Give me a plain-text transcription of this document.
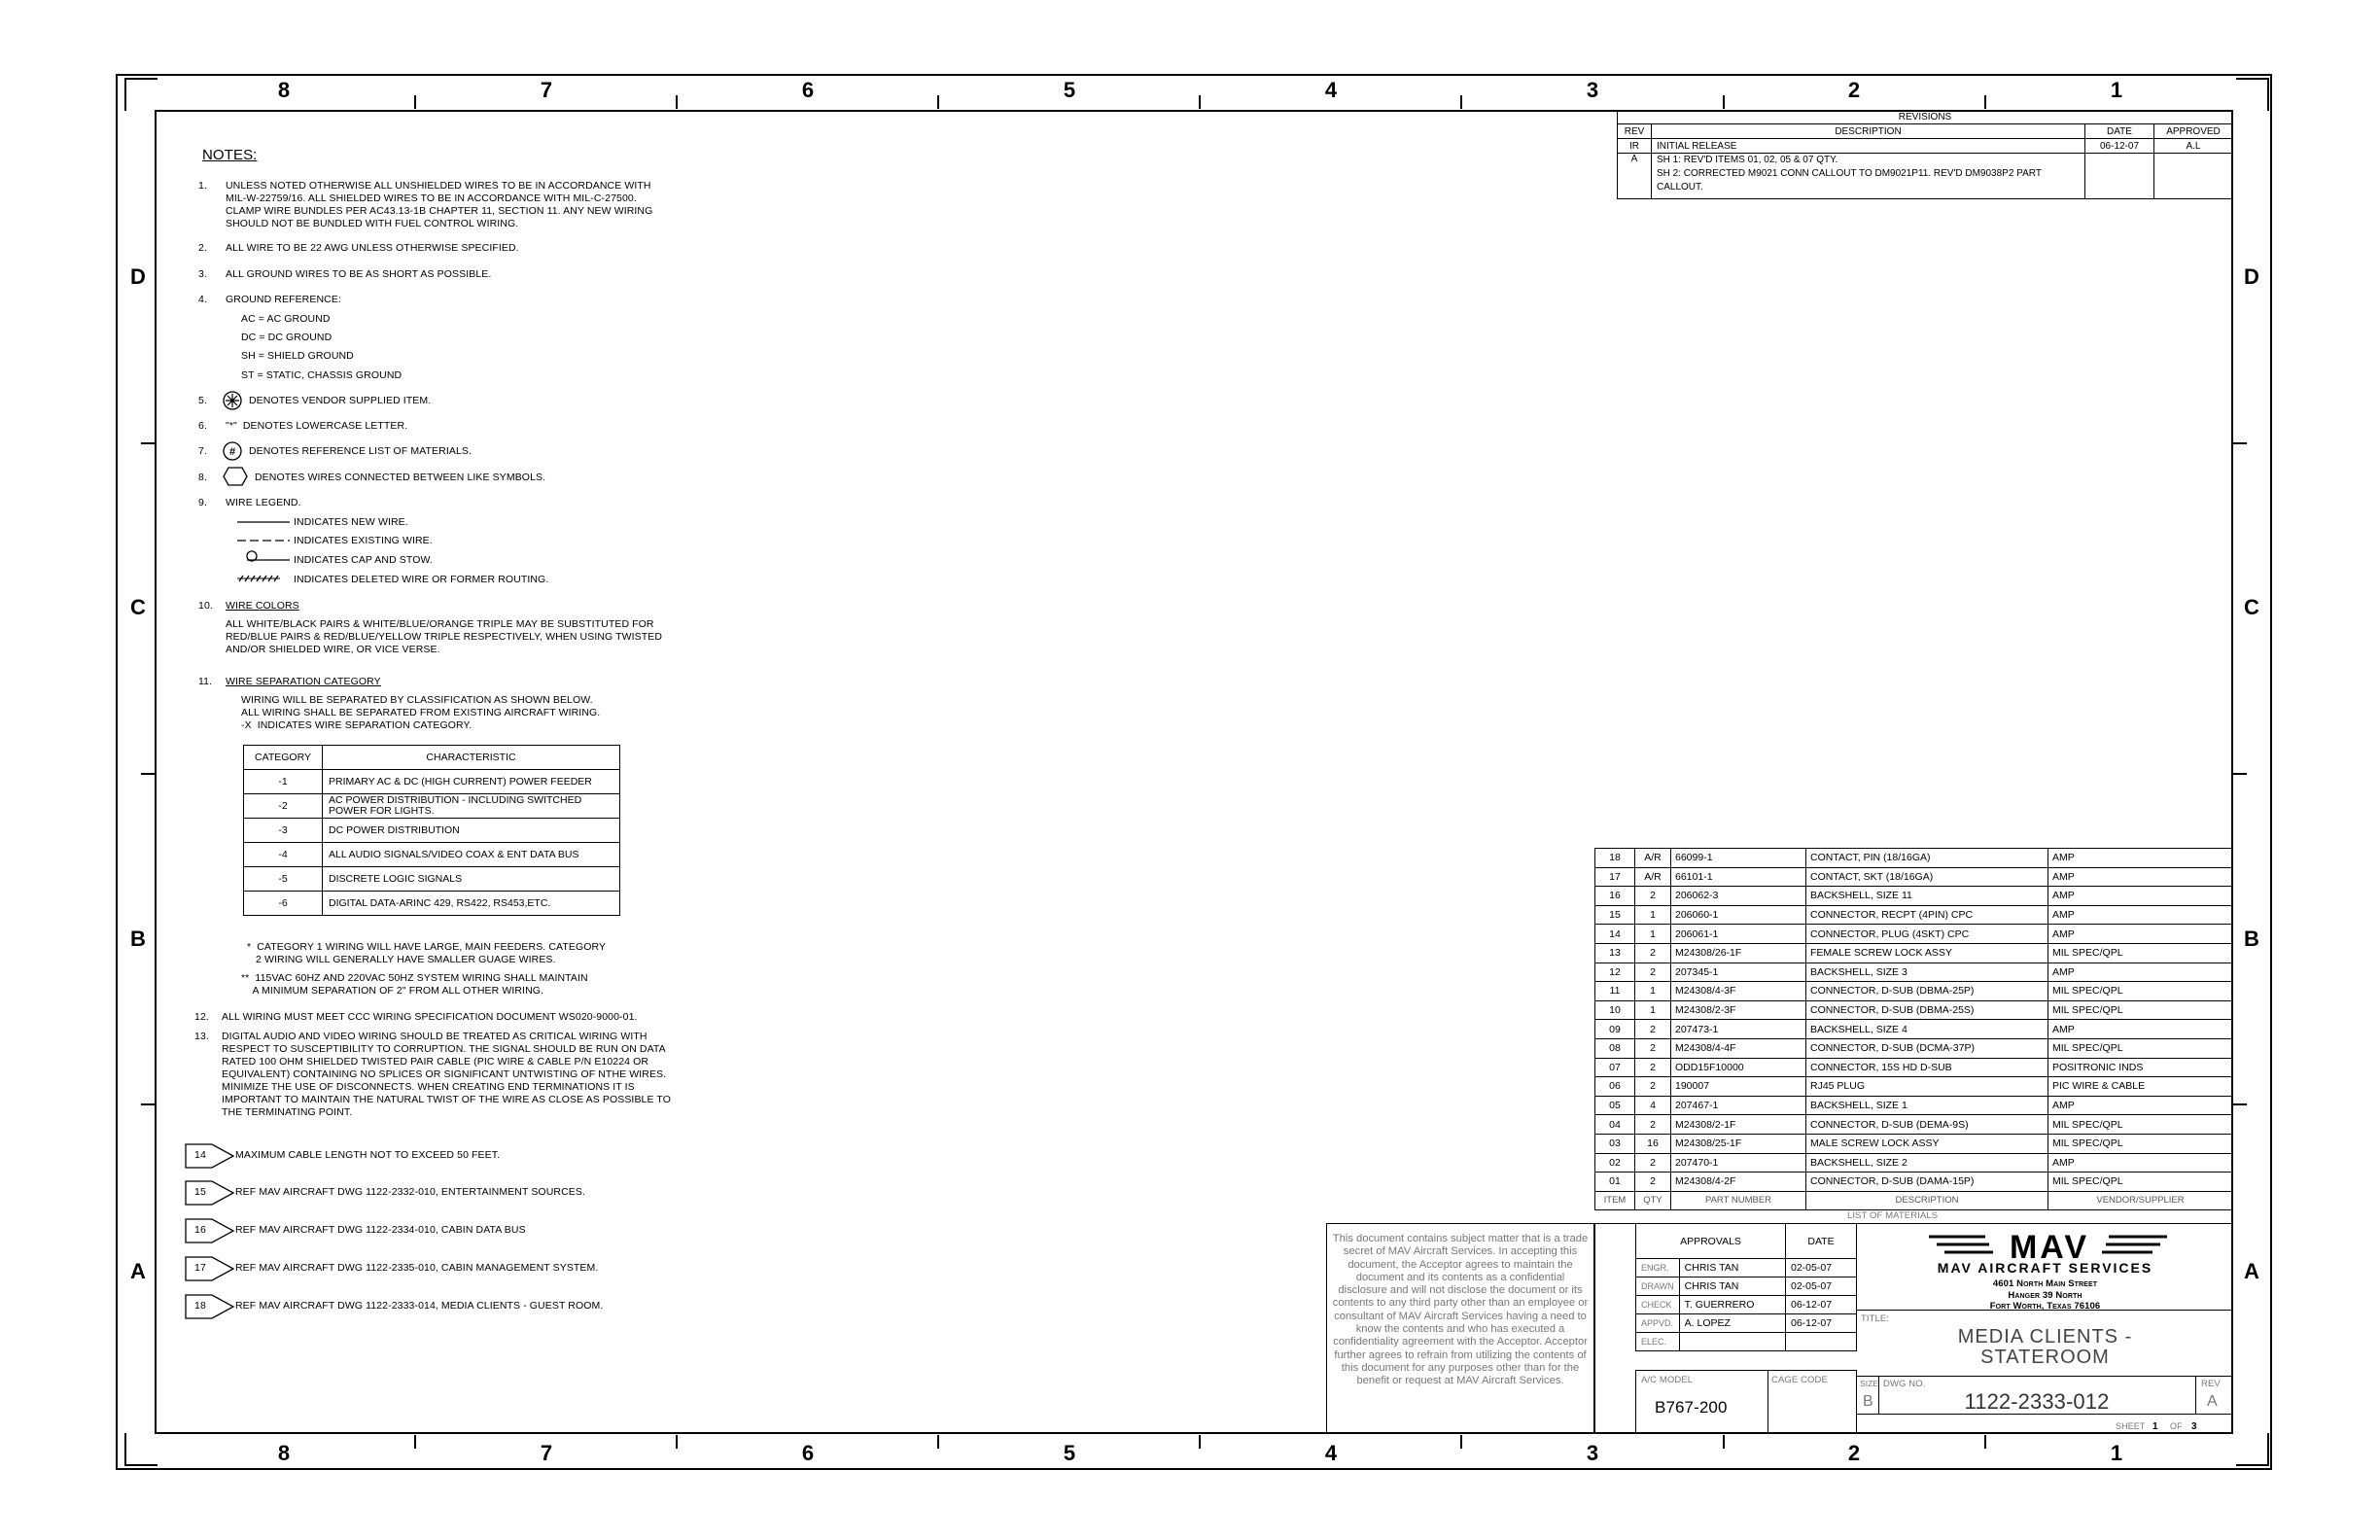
8	7	6	5	4	3	2	1
8	7	6	5	4	3	2	1
D
C
B
A
D
C
B
A
NOTES:
1. UNLESS NOTED OTHERWISE ALL UNSHIELDED WIRES TO BE IN ACCORDANCE WITH
MIL-W-22759/16. ALL SHIELDED WIRES TO BE IN ACCORDANCE WITH MIL-C-27500.
CLAMP WIRE BUNDLES PER AC43.13-1B CHAPTER 11, SECTION 11. ANY NEW WIRING
SHOULD NOT BE BUNDLED WITH FUEL CONTROL WIRING.
2. ALL WIRE TO BE 22 AWG UNLESS OTHERWISE SPECIFIED.
3. ALL GROUND WIRES TO BE AS SHORT AS POSSIBLE.
4. GROUND REFERENCE:
AC = AC GROUND
DC = DC GROUND
SH = SHIELD GROUND
ST = STATIC, CHASSIS GROUND
5.	DENOTES VENDOR SUPPLIED ITEM.
6. "*"  DENOTES LOWERCASE LETTER.
7. # DENOTES REFERENCE LIST OF MATERIALS.
8.	DENOTES WIRES CONNECTED BETWEEN LIKE SYMBOLS.
9. WIRE LEGEND.
INDICATES NEW WIRE.
INDICATES EXISTING WIRE.
INDICATES CAP AND STOW.
INDICATES DELETED WIRE OR FORMER ROUTING.
10. WIRE COLORS
ALL WHITE/BLACK PAIRS & WHITE/BLUE/ORANGE TRIPLE MAY BE SUBSTITUTED FOR
RED/BLUE PAIRS & RED/BLUE/YELLOW TRIPLE RESPECTIVELY, WHEN USING TWISTED
AND/OR SHIELDED WIRE, OR VICE VERSE.
11. WIRE SEPARATION CATEGORY
WIRING WILL BE SEPARATED BY CLASSIFICATION AS SHOWN BELOW.
ALL WIRING SHALL BE SEPARATED FROM EXISTING AIRCRAFT WIRING.
-X  INDICATES WIRE SEPARATION CATEGORY.
CATEGORY	CHARACTERISTIC
-1	PRIMARY AC & DC (HIGH CURRENT) POWER FEEDER
-2	AC POWER DISTRIBUTION - INCLUDING SWITCHED
POWER FOR LIGHTS.
-3	DC POWER DISTRIBUTION
-4	ALL AUDIO SIGNALS/VIDEO COAX & ENT DATA BUS
-5	DISCRETE LOGIC SIGNALS
-6	DIGITAL DATA-ARINC 429, RS422, RS453,ETC.
*  CATEGORY 1 WIRING WILL HAVE LARGE, MAIN FEEDERS. CATEGORY
2 WIRING WILL GENERALLY HAVE SMALLER GUAGE WIRES.
**  115VAC 60HZ AND 220VAC 50HZ SYSTEM WIRING SHALL MAINTAIN
A MINIMUM SEPARATION OF 2" FROM ALL OTHER WIRING.
12. ALL WIRING MUST MEET CCC WIRING SPECIFICATION DOCUMENT WS020-9000-01.
13. DIGITAL AUDIO AND VIDEO WIRING SHOULD BE TREATED AS CRITICAL WIRING WITH
RESPECT TO SUSCEPTIBILITY TO CORRUPTION. THE SIGNAL SHOULD BE RUN ON DATA
RATED 100 OHM SHIELDED TWISTED PAIR CABLE (PIC WIRE & CABLE P/N E10224 OR
EQUIVALENT) CONTAINING NO SPLICES OR SIGNIFICANT UNTWISTING OF NTHE WIRES.
MINIMIZE THE USE OF DISCONNECTS. WHEN CREATING END TERMINATIONS IT IS
IMPORTANT TO MAINTAIN THE NATURAL TWIST OF THE WIRE AS CLOSE AS POSSIBLE TO
THE TERMINATING POINT.
14	MAXIMUM CABLE LENGTH NOT TO EXCEED 50 FEET.
15	REF MAV AIRCRAFT DWG 1122-2332-010, ENTERTAINMENT SOURCES.
16	REF MAV AIRCRAFT DWG 1122-2334-010, CABIN DATA BUS
17	REF MAV AIRCRAFT DWG 1122-2335-010, CABIN MANAGEMENT SYSTEM.
18	REF MAV AIRCRAFT DWG 1122-2333-014, MEDIA CLIENTS - GUEST ROOM.
REVISIONS			
REV	DESCRIPTION	DATE	APPROVED
IR	INITIAL RELEASE	06-12-07	A.L
A	SH 1: REV'D ITEMS 01, 02, 05 & 07 QTY.
SH 2: CORRECTED M9021 CONN CALLOUT TO DM9021P11. REV'D DM9038P2 PART
CALLOUT.		
18	A/R	66099-1	CONTACT, PIN (18/16GA)	AMP
17	A/R	66101-1	CONTACT, SKT (18/16GA)	AMP
16	2	206062-3	BACKSHELL, SIZE 11	AMP
15	1	206060-1	CONNECTOR, RECPT (4PIN) CPC	AMP
14	1	206061-1	CONNECTOR, PLUG (4SKT) CPC	AMP
13	2	M24308/26-1F	FEMALE SCREW LOCK ASSY	MIL SPEC/QPL
12	2	207345-1	BACKSHELL, SIZE 3	AMP
11	1	M24308/4-3F	CONNECTOR, D-SUB (DBMA-25P)	MIL SPEC/QPL
10	1	M24308/2-3F	CONNECTOR, D-SUB (DBMA-25S)	MIL SPEC/QPL
09	2	207473-1	BACKSHELL, SIZE 4	AMP
08	2	M24308/4-4F	CONNECTOR, D-SUB (DCMA-37P)	MIL SPEC/QPL
07	2	ODD15F10000	CONNECTOR, 15S HD D-SUB	POSITRONIC INDS
06	2	190007	RJ45 PLUG	PIC WIRE & CABLE
05	4	207467-1	BACKSHELL, SIZE 1	AMP
04	2	M24308/2-1F	CONNECTOR, D-SUB (DEMA-9S)	MIL SPEC/QPL
03	16	M24308/25-1F	MALE SCREW LOCK ASSY	MIL SPEC/QPL
02	2	207470-1	BACKSHELL, SIZE 2	AMP
01	2	M24308/4-2F	CONNECTOR, D-SUB (DAMA-15P)	MIL SPEC/QPL
ITEM	QTY	PART NUMBER	DESCRIPTION	VENDOR/SUPPLIER
LIST OF MATERIALS
This document contains subject matter that is a trade secret of MAV Aircraft Services. In accepting this document, the Acceptor agrees to maintain the document and its contents as a confidential disclosure and will not disclose the document or its contents to any third party other than an employee or consultant of MAV Aircraft Services having a need to know the contents and who has executed a confidentiality agreement with the Acceptor. Acceptor further agrees to refrain from utilizing the contents of this document for any purposes other than for the benefit or request at MAV Aircraft Services.
APPROVALS		DATE
ENGR.	CHRIS TAN	02-05-07
DRAWN	CHRIS TAN	02-05-07
CHECK	T. GUERRERO	06-12-07
APPVD.	A. LOPEZ	06-12-07
ELEC.		
A/C MODEL
B767-200
CAGE CODE
MAV
MAV AIRCRAFT SERVICES
4601 North Main Street
Hanger 39 North
Fort Worth, Texas 76106
TITLE:
MEDIA CLIENTS -
STATEROOM
SIZE
B
DWG NO.
1122-2333-012
REV
A
SHEET 1 OF 3
